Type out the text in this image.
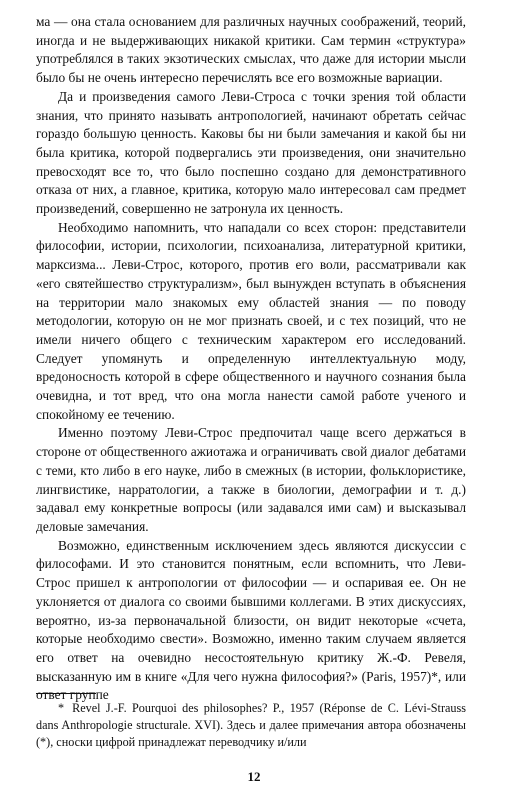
ма — она стала основанием для различных научных соображений, теорий, иногда и не выдерживающих никакой критики. Сам термин «структура» употреблялся в таких экзотических смыслах, что даже для истории мысли было бы не очень интересно перечислять все его возможные вариации.

Да и произведения самого Леви-Строса с точки зрения той области знания, что принято называть антропологией, начинают обретать сейчас гораздо большую ценность. Каковы бы ни были замечания и какой бы ни была критика, которой подвергались эти произведения, они значительно превосходят все то, что было поспешно создано для демонстративного отказа от них, а главное, критика, которую мало интересовал сам предмет произведений, совершенно не затронула их ценность.

Необходимо напомнить, что нападали со всех сторон: представители философии, истории, психологии, психоанализа, литературной критики, марксизма... Леви-Строс, которого, против его воли, рассматривали как «его святейшество структурализм», был вынужден вступать в объяснения на территории мало знакомых ему областей знания — по поводу методологии, которую он не мог признать своей, и с тех позиций, что не имели ничего общего с техническим характером его исследований. Следует упомянуть и определенную интеллектуальную моду, вредоносность которой в сфере общественного и научного сознания была очевидна, и тот вред, что она могла нанести самой работе ученого и спокойному ее течению.

Именно поэтому Леви-Строс предпочитал чаще всего держаться в стороне от общественного ажиотажа и ограничивать свой диалог дебатами с теми, кто либо в его науке, либо в смежных (в истории, фольклористике, лингвистике, нарратологии, а также в биологии, демографии и т. д.) задавал ему конкретные вопросы (или задавался ими сам) и высказывал деловые замечания.

Возможно, единственным исключением здесь являются дискуссии с философами. И это становится понятным, если вспомнить, что Леви-Строс пришел к антропологии от философии — и оспаривая ее. Он не уклоняется от диалога со своими бывшими коллегами. В этих дискуссиях, вероятно, из-за первоначальной близости, он видит некоторые «счета, которые необходимо свести». Возможно, именно таким случаем является его ответ на очевидно несостоятельную критику Ж.-Ф. Ревеля, высказанную им в книге «Для чего нужна философия?» (Paris, 1957)*, или ответ группе

* Revel J.-F. Pourquoi des philosophes? P., 1957 (Réponse de C. Lévi-Strauss dans Anthropologie structurale. XVI). Здесь и далее примечания автора обозначены (*), сноски цифрой принадлежат переводчику и/или
12
